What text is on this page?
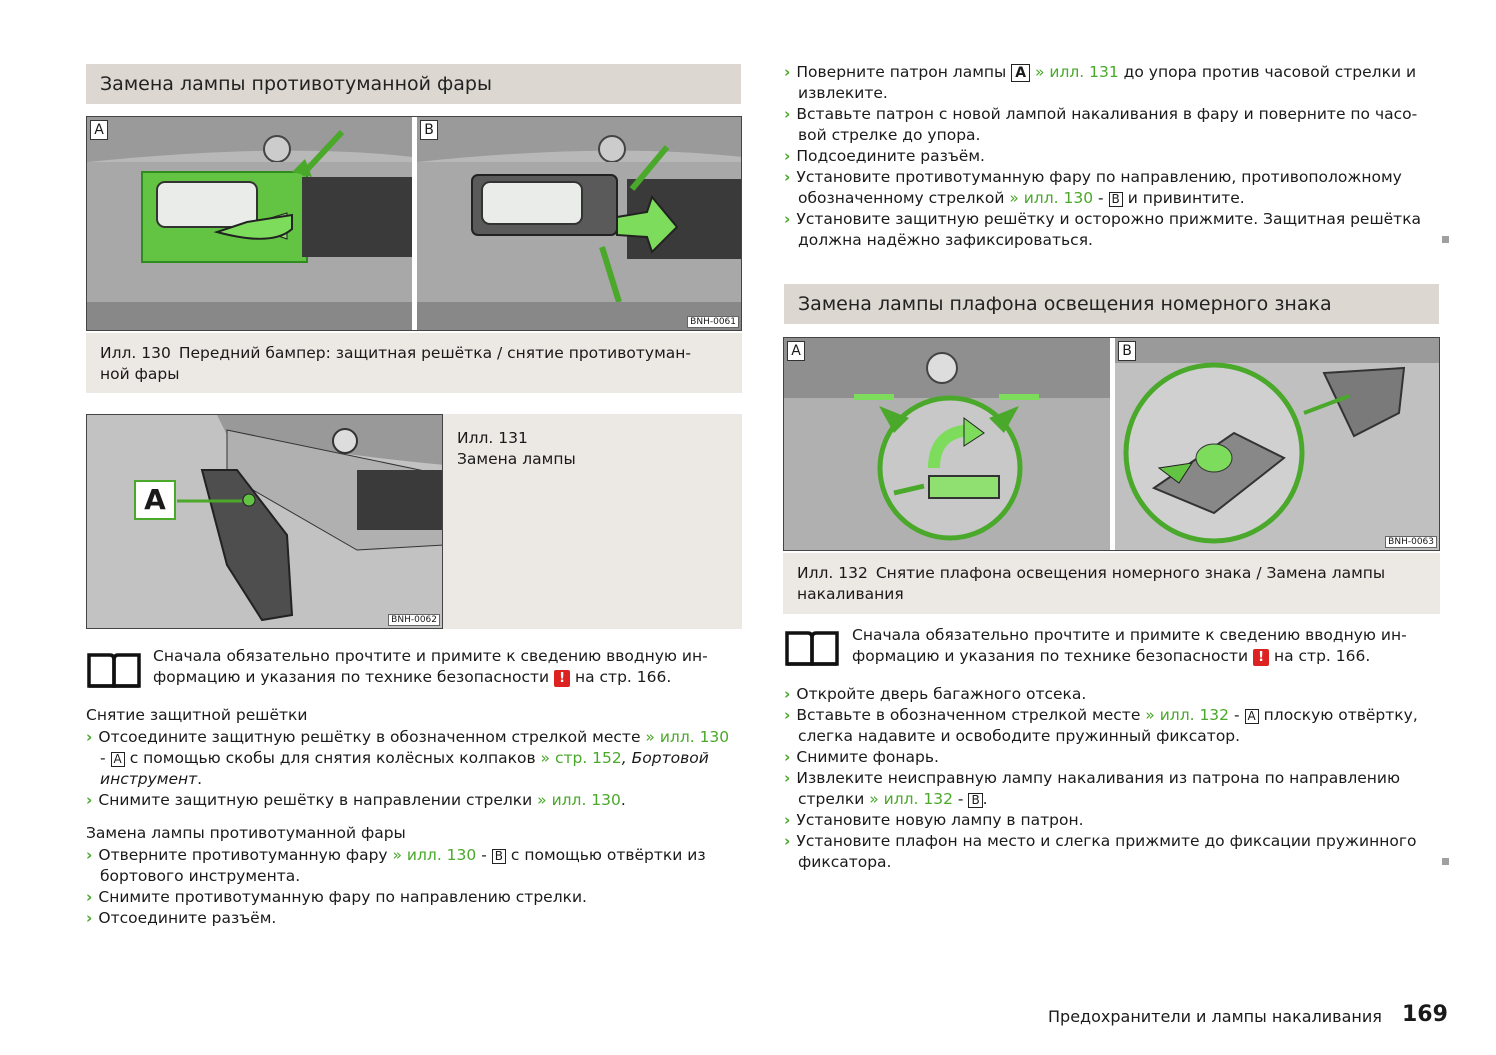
Замена лампы противотуманной фары
A	B
BNH-0061
Илл. 130 Передний бампер: защитная решётка / снятие противотуман-
ной фары
A
BNH-0062
Илл. 131
Замена лампы
Сначала обязательно прочтите и примите к сведению вводную ин-
формацию и указания по технике безопасности ! на стр. 166.
Снятие защитной решётки
› Отсоедините защитную решётку в обозначенном стрелкой месте » илл. 130
- A с помощью скобы для снятия колёсных колпаков » стр. 152, Бортовой
инструмент.
› Снимите защитную решётку в направлении стрелки » илл. 130.
Замена лампы противотуманной фары
› Отверните противотуманную фару » илл. 130 - B с помощью отвёртки из
бортового инструмента.
› Снимите противотуманную фару по направлению стрелки.
› Отсоедините разъём.
› Поверните патрон лампы A » илл. 131 до упора против часовой стрелки и
извлеките.
› Вставьте патрон с новой лампой накаливания в фару и поверните по часо-
вой стрелке до упора.
› Подсоедините разъём.
› Установите противотуманную фару по направлению, противоположному
обозначенному стрелкой » илл. 130 - B и привинтите.
› Установите защитную решётку и осторожно прижмите. Защитная решётка
должна надёжно зафиксироваться.
Замена лампы плафона освещения номерного знака
A	B
BNH-0063
Илл. 132 Снятие плафона освещения номерного знака / Замена лампы
накаливания
Сначала обязательно прочтите и примите к сведению вводную ин-
формацию и указания по технике безопасности ! на стр. 166.
› Откройте дверь багажного отсека.
› Вставьте в обозначенном стрелкой месте » илл. 132 - A плоскую отвёртку,
слегка надавите и освободите пружинный фиксатор.
› Снимите фонарь.
› Извлеките неисправную лампу накаливания из патрона по направлению
стрелки » илл. 132 - B .
› Установите новую лампу в патрон.
› Установите плафон на место и слегка прижмите до фиксации пружинного
фиксатора.
Предохранители и лампы накаливания 169
